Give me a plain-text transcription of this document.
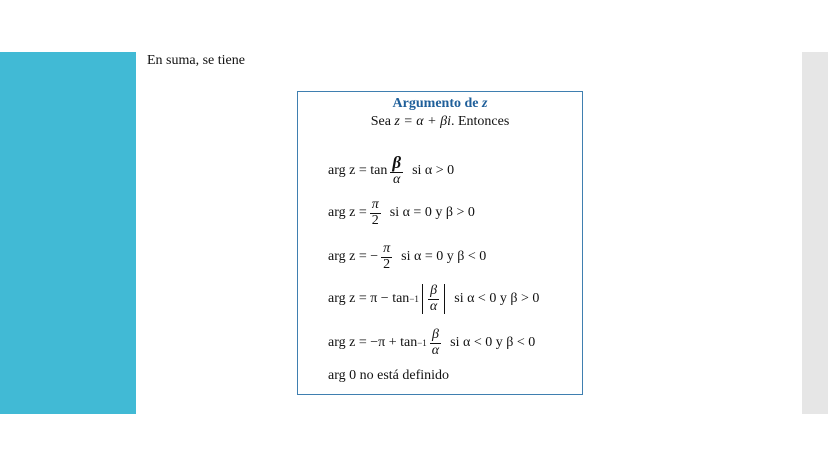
En suma, se tiene
Argumento de z
Sea z = α + βi. Entonces
arg $z = \tan \frac{\beta}{\alpha}$ si α > 0
arg $z = \frac{\pi}{2}$ si α = 0 y β > 0
arg z = − $\frac{\pi}{2}$ si α = 0 y β < 0
arg $z = \pi - \tan -1 \frac{\beta}{\alpha}$ si α < 0 y β > 0
arg $z = -\pi + \tan -1 \frac{\beta}{\alpha}$ si α < 0 y β < 0
arg 0 no está definido
